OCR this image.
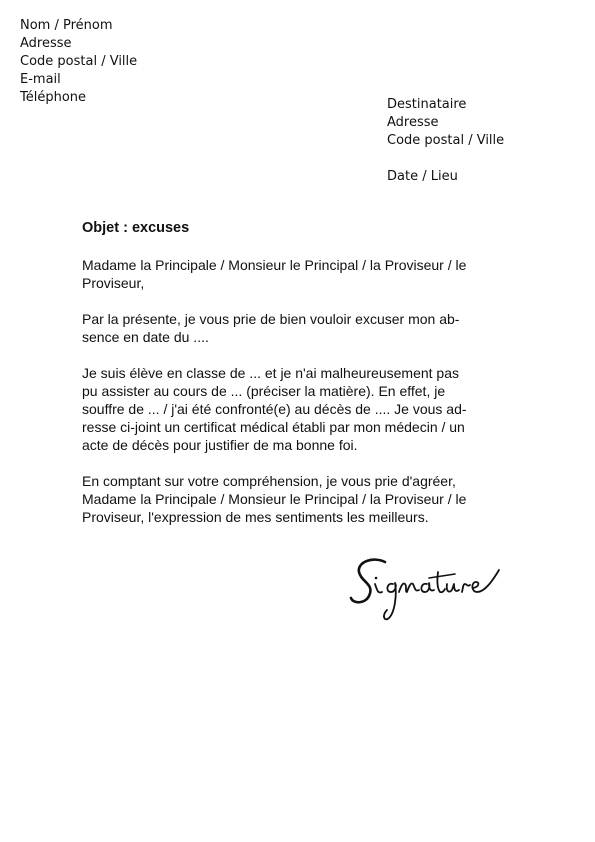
Nom / Prénom
Adresse
Code postal / Ville
E-mail
Téléphone	Destinataire
Adresse
Code postal / Ville
Date / Lieu

Objet : excuses

Madame la Principale / Monsieur le Principal / la Proviseur / le
Proviseur,

Par la présente, je vous prie de bien vouloir excuser mon ab-
sence en date du ....

Je suis élève en classe de ... et je n'ai malheureusement pas
pu assister au cours de ... (préciser la matière). En effet, je
souffre de ... / j'ai été confronté(e) au décès de .... Je vous ad-
resse ci-joint un certificat médical établi par mon médecin / un
acte de décès pour justifier de ma bonne foi.

En comptant sur votre compréhension, je vous prie d'agréer,
Madame la Principale / Monsieur le Principal / la Proviseur / le
Proviseur, l'expression de mes sentiments les meilleurs.
